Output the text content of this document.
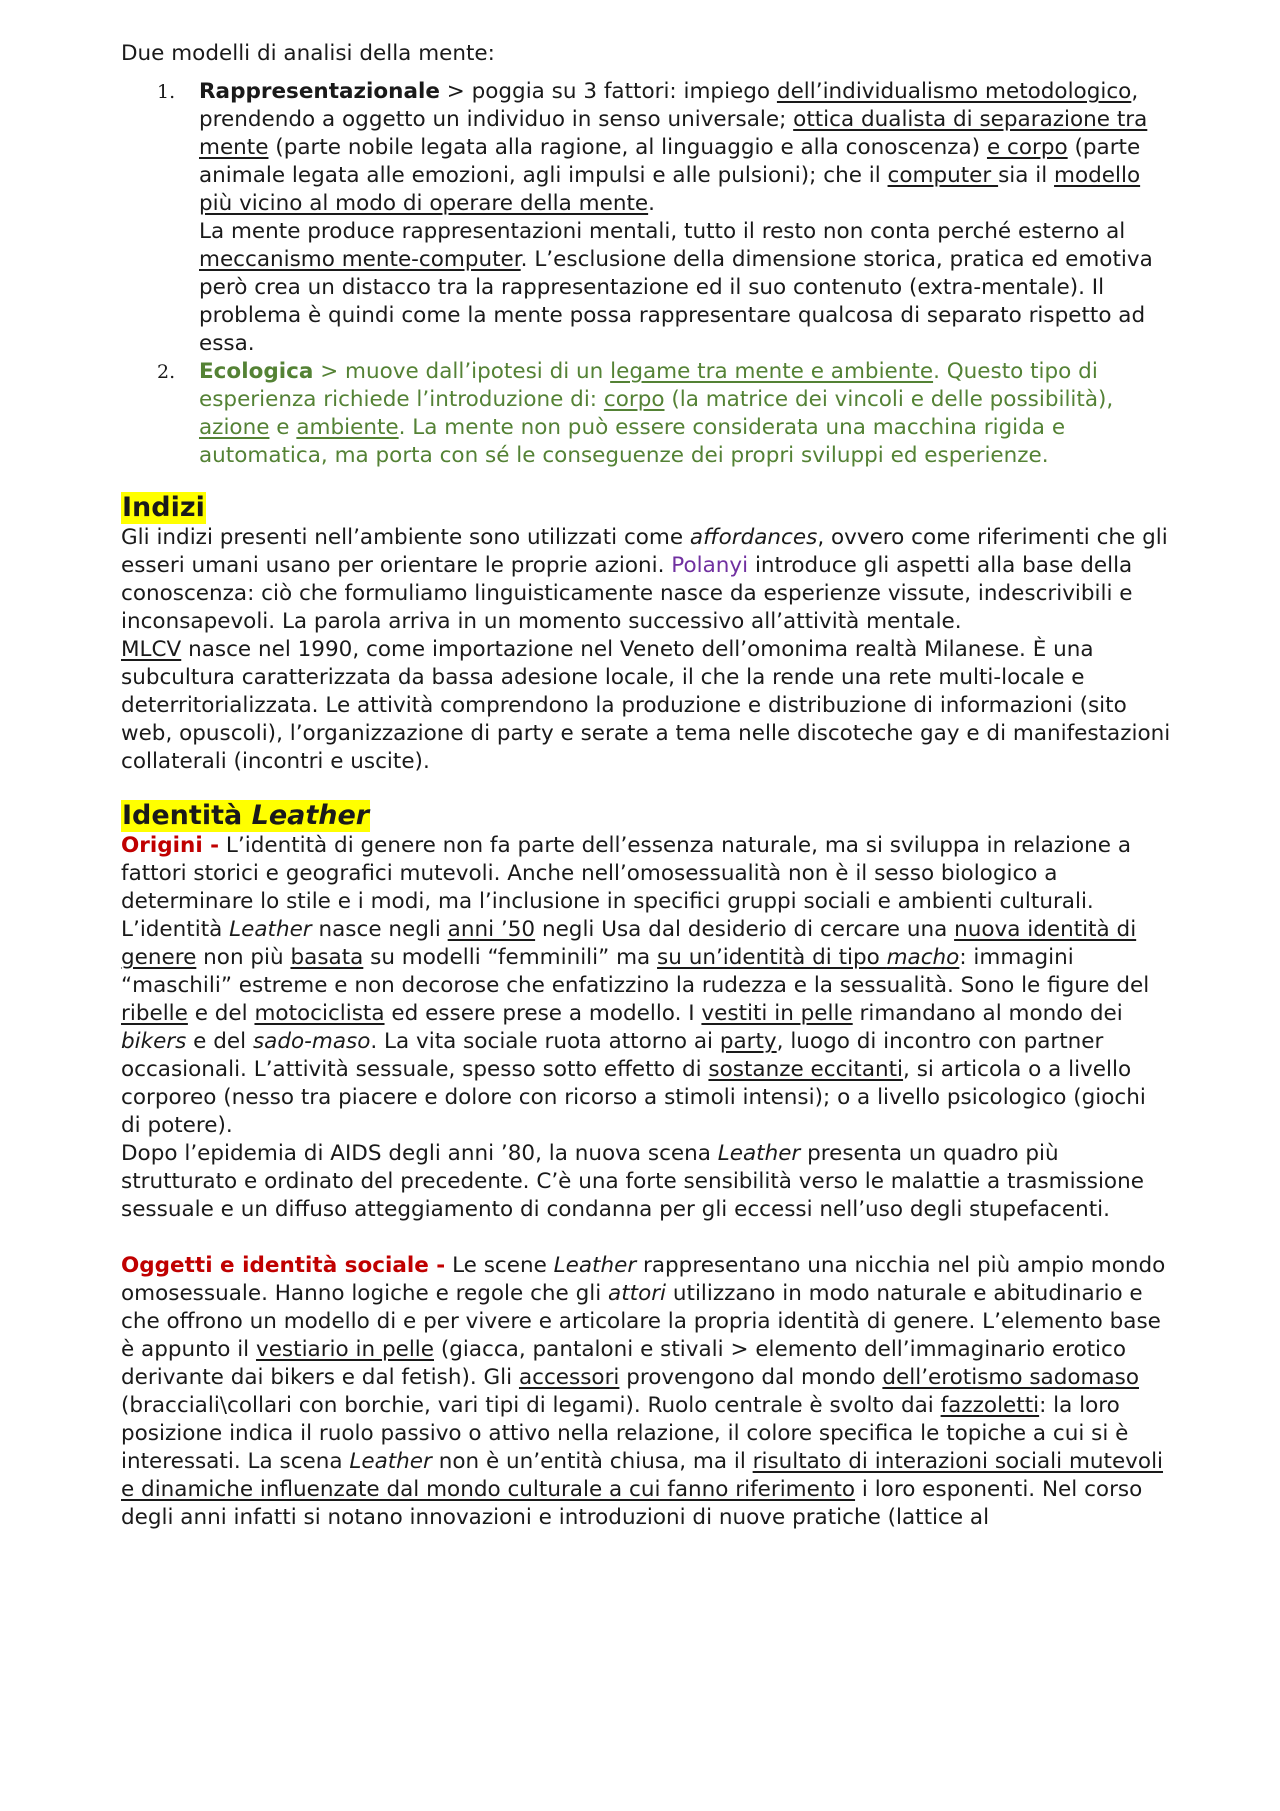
Due modelli di analisi della mente:

1. Rappresentazionale > poggia su 3 fattori: impiego dell’individualismo metodologico, prendendo a oggetto un individuo in senso universale; ottica dualista di separazione tra mente (parte nobile legata alla ragione, al linguaggio e alla conoscenza) e corpo (parte animale legata alle emozioni, agli impulsi e alle pulsioni); che il computer sia il modello più vicino al modo di operare della mente.
La mente produce rappresentazioni mentali, tutto il resto non conta perché esterno al meccanismo mente-computer. L’esclusione della dimensione storica, pratica ed emotiva però crea un distacco tra la rappresentazione ed il suo contenuto (extra-mentale). Il problema è quindi come la mente possa rappresentare qualcosa di separato rispetto ad essa.
2. Ecologica > muove dall’ipotesi di un legame tra mente e ambiente. Questo tipo di esperienza richiede l’introduzione di: corpo (la matrice dei vincoli e delle possibilità), azione e ambiente. La mente non può essere considerata una macchina rigida e automatica, ma porta con sé le conseguenze dei propri sviluppi ed esperienze.
Indizi

Gli indizi presenti nell’ambiente sono utilizzati come affordances, ovvero come riferimenti che gli esseri umani usano per orientare le proprie azioni. Polanyi introduce gli aspetti alla base della conoscenza: ciò che formuliamo linguisticamente nasce da esperienze vissute, indescrivibili e inconsapevoli. La parola arriva in un momento successivo all’attività mentale.

MLCV nasce nel 1990, come importazione nel Veneto dell’omonima realtà Milanese. È una subcultura caratterizzata da bassa adesione locale, il che la rende una rete multi-locale e deterritorializzata. Le attività comprendono la produzione e distribuzione di informazioni (sito web, opuscoli), l’organizzazione di party e serate a tema nelle discoteche gay e di manifestazioni collaterali (incontri e uscite).

Identità Leather

Origini - L’identità di genere non fa parte dell’essenza naturale, ma si sviluppa in relazione a fattori storici e geografici mutevoli. Anche nell’omosessualità non è il sesso biologico a determinare lo stile e i modi, ma l’inclusione in specifici gruppi sociali e ambienti culturali. L’identità Leather nasce negli anni ’50 negli Usa dal desiderio di cercare una nuova identità di genere non più basata su modelli “femminili” ma su un’identità di tipo macho: immagini “maschili” estreme e non decorose che enfatizzino la rudezza e la sessualità. Sono le figure del ribelle e del motociclista ed essere prese a modello. I vestiti in pelle rimandano al mondo dei bikers e del sado-maso. La vita sociale ruota attorno ai party, luogo di incontro con partner occasionali. L’attività sessuale, spesso sotto effetto di sostanze eccitanti, si articola o a livello corporeo (nesso tra piacere e dolore con ricorso a stimoli intensi); o a livello psicologico (giochi di potere).

Dopo l’epidemia di AIDS degli anni ’80, la nuova scena Leather presenta un quadro più strutturato e ordinato del precedente. C’è una forte sensibilità verso le malattie a trasmissione sessuale e un diffuso atteggiamento di condanna per gli eccessi nell’uso degli stupefacenti.

Oggetti e identità sociale - Le scene Leather rappresentano una nicchia nel più ampio mondo omosessuale. Hanno logiche e regole che gli attori utilizzano in modo naturale e abitudinario e che offrono un modello di e per vivere e articolare la propria identità di genere. L’elemento base è appunto il vestiario in pelle (giacca, pantaloni e stivali > elemento dell’immaginario erotico derivante dai bikers e dal fetish). Gli accessori provengono dal mondo dell’erotismo sadomaso (bracciali\collari con borchie, vari tipi di legami). Ruolo centrale è svolto dai fazzoletti: la loro posizione indica il ruolo passivo o attivo nella relazione, il colore specifica le topiche a cui si è interessati. La scena Leather non è un’entità chiusa, ma il risultato di interazioni sociali mutevoli e dinamiche influenzate dal mondo culturale a cui fanno riferimento i loro esponenti. Nel corso degli anni infatti si notano innovazioni e introduzioni di nuove pratiche (lattice al
